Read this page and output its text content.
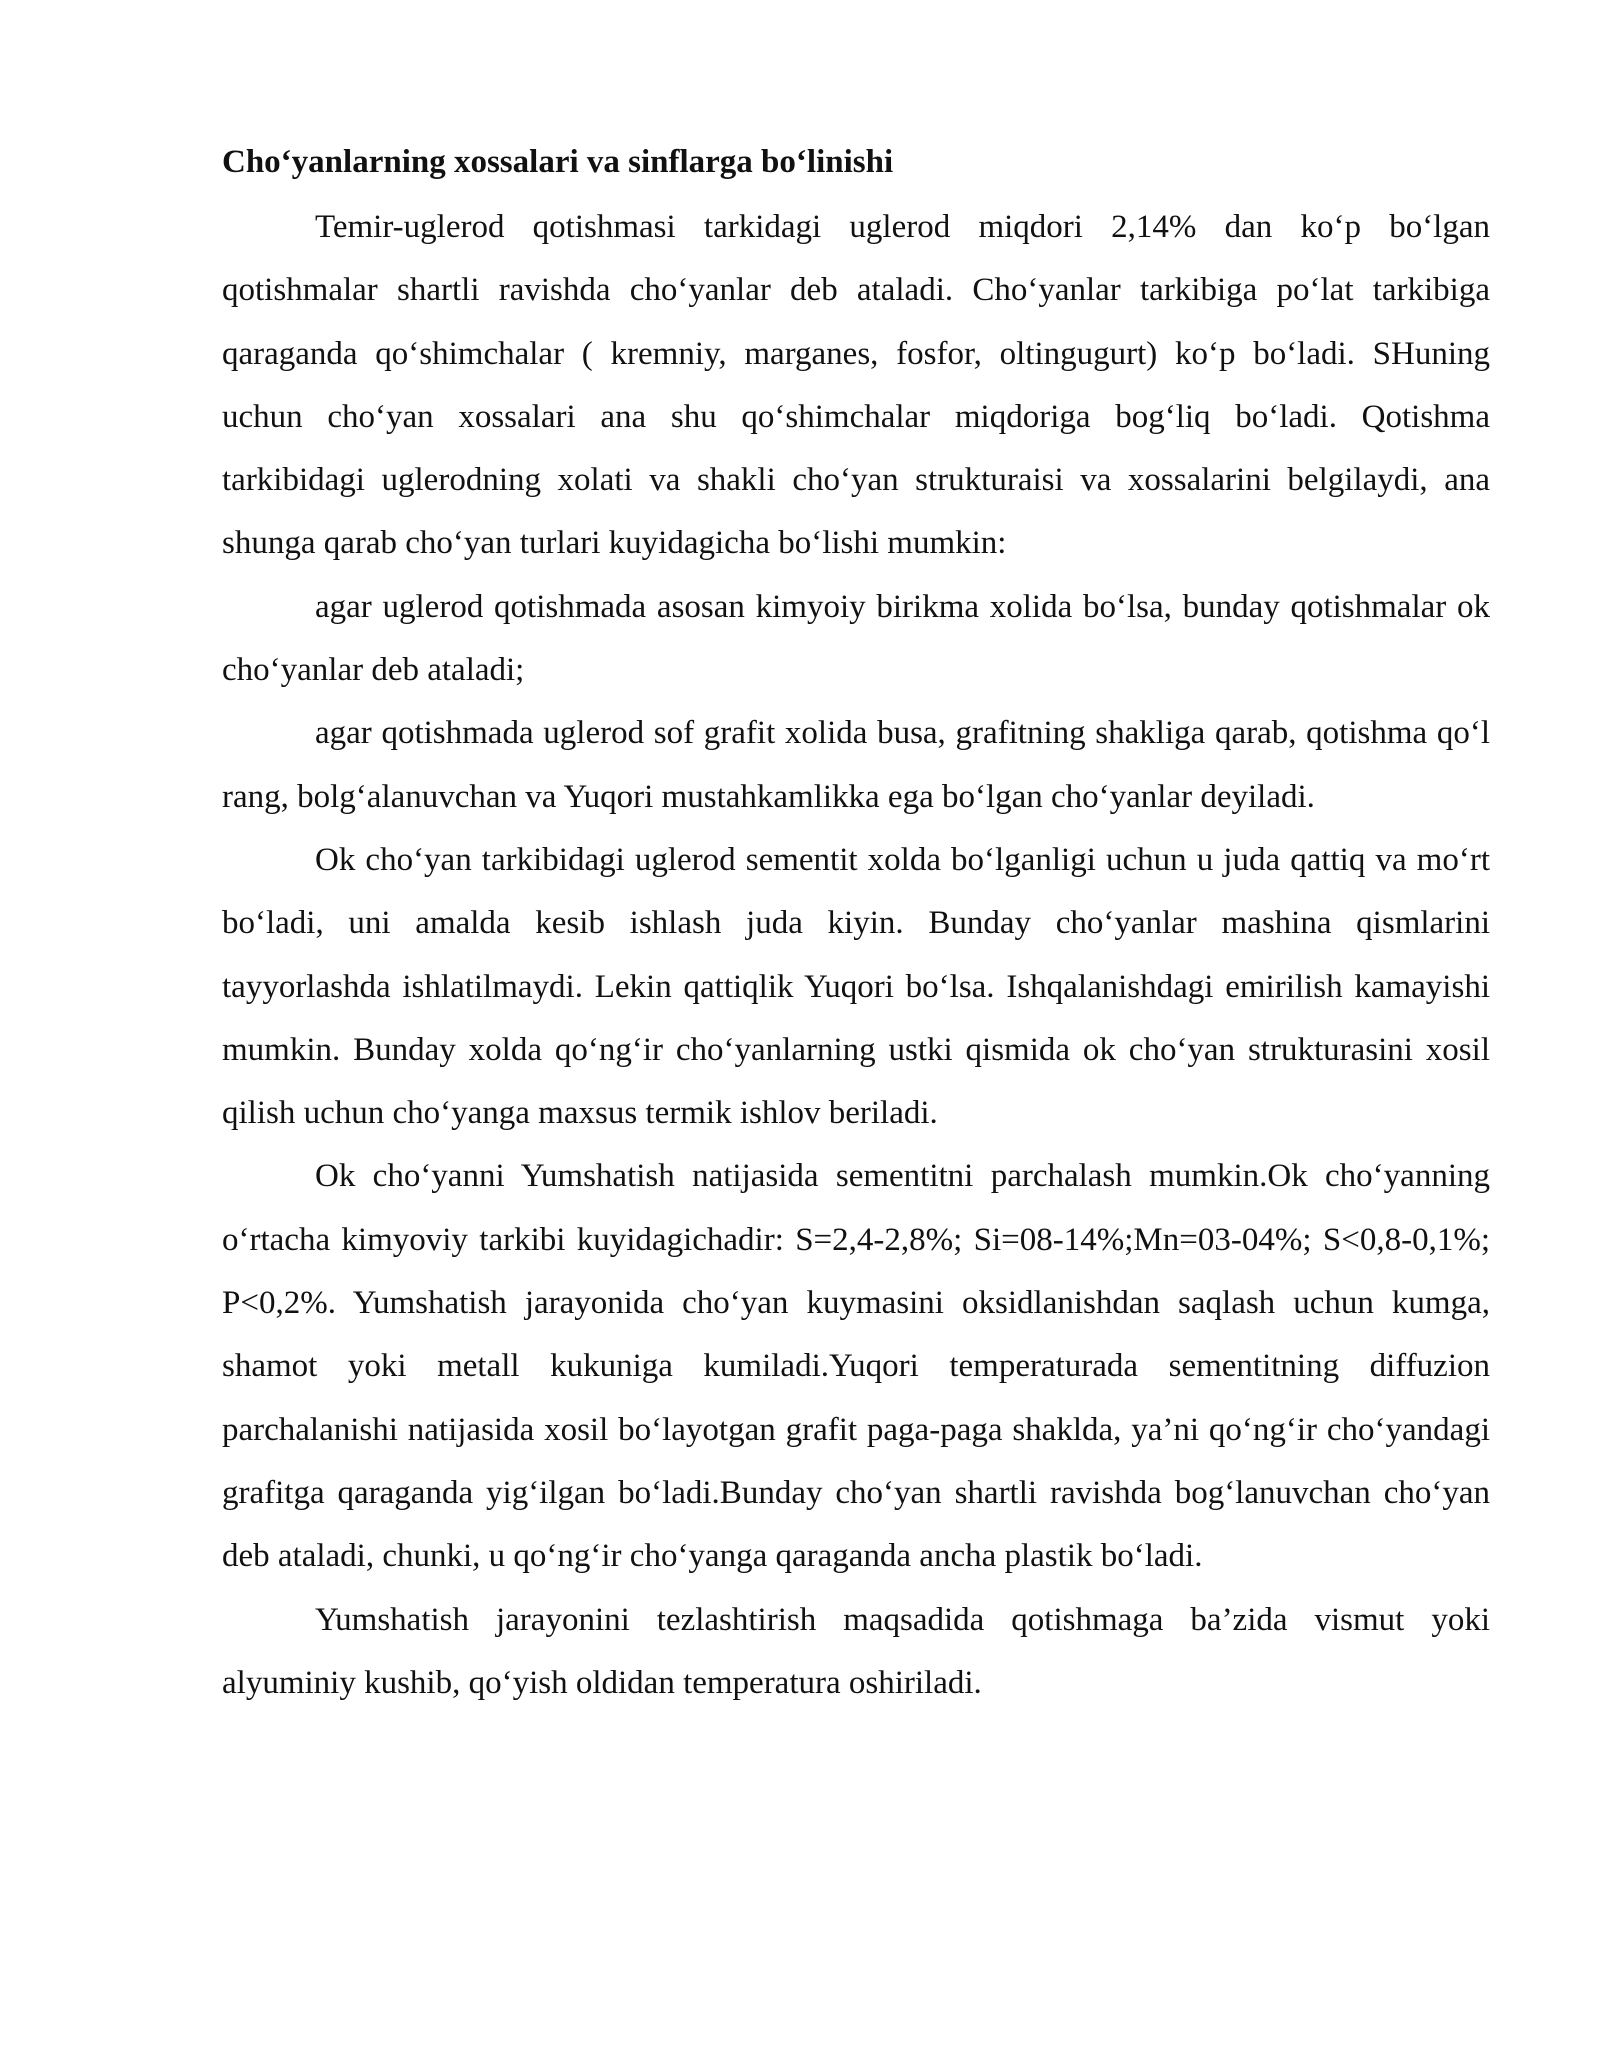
Cho‘yanlarning xossalari va sinflarga bo‘linishi

Temir-uglerod qotishmasi tarkidagi uglerod miqdori 2,14% dan ko‘p bo‘lgan qotishmalar shartli ravishda cho‘yanlar deb ataladi. Cho‘yanlar tarkibiga po‘lat tarkibiga qaraganda qo‘shimchalar ( kremniy, marganes, fosfor, oltingugurt) ko‘p bo‘ladi. SHuning uchun cho‘yan xossalari ana shu qo‘shimchalar miqdoriga bog‘liq bo‘ladi. Qotishma tarkibidagi uglerodning xolati va shakli cho‘yan strukturaisi va xossalarini belgilaydi, ana shunga qarab cho‘yan turlari kuyidagicha bo‘lishi mumkin:

agar uglerod qotishmada asosan kimyoiy birikma xolida bo‘lsa, bunday qotishmalar ok cho‘yanlar deb ataladi;

agar qotishmada uglerod sof grafit xolida busa, grafitning shakliga qarab, qotishma qo‘l rang, bolg‘alanuvchan va Yuqori mustahkamlikka ega bo‘lgan cho‘yanlar deyiladi.

Ok cho‘yan tarkibidagi uglerod sementit xolda bo‘lganligi uchun u juda qattiq va mo‘rt bo‘ladi, uni amalda kesib ishlash juda kiyin. Bunday cho‘yanlar mashina qismlarini tayyorlashda ishlatilmaydi. Lekin qattiqlik Yuqori bo‘lsa. Ishqalanishdagi emirilish kamayishi mumkin. Bunday xolda qo‘ng‘ir cho‘yanlarning ustki qismida ok cho‘yan strukturasini xosil qilish uchun cho‘yanga maxsus termik ishlov beriladi.

Ok cho‘yanni Yumshatish natijasida sementitni parchalash mumkin.Ok cho‘yanning o‘rtacha kimyoviy tarkibi kuyidagichadir: S=2,4-2,8%; Si=08-14%;Mn=03-04%; S<0,8-0,1%; P<0,2%. Yumshatish jarayonida cho‘yan kuymasini oksidlanishdan saqlash uchun kumga, shamot yoki metall kukuniga kumiladi.Yuqori temperaturada sementitning diffuzion parchalanishi natijasida xosil bo‘layotgan grafit paga-paga shaklda, ya’ni qo‘ng‘ir cho‘yandagi grafitga qaraganda yig‘ilgan bo‘ladi.Bunday cho‘yan shartli ravishda bog‘lanuvchan cho‘yan deb ataladi, chunki, u qo‘ng‘ir cho‘yanga qaraganda ancha plastik bo‘ladi.

Yumshatish jarayonini tezlashtirish maqsadida qotishmaga ba’zida vismut yoki alyuminiy kushib, qo‘yish oldidan temperatura oshiriladi.
